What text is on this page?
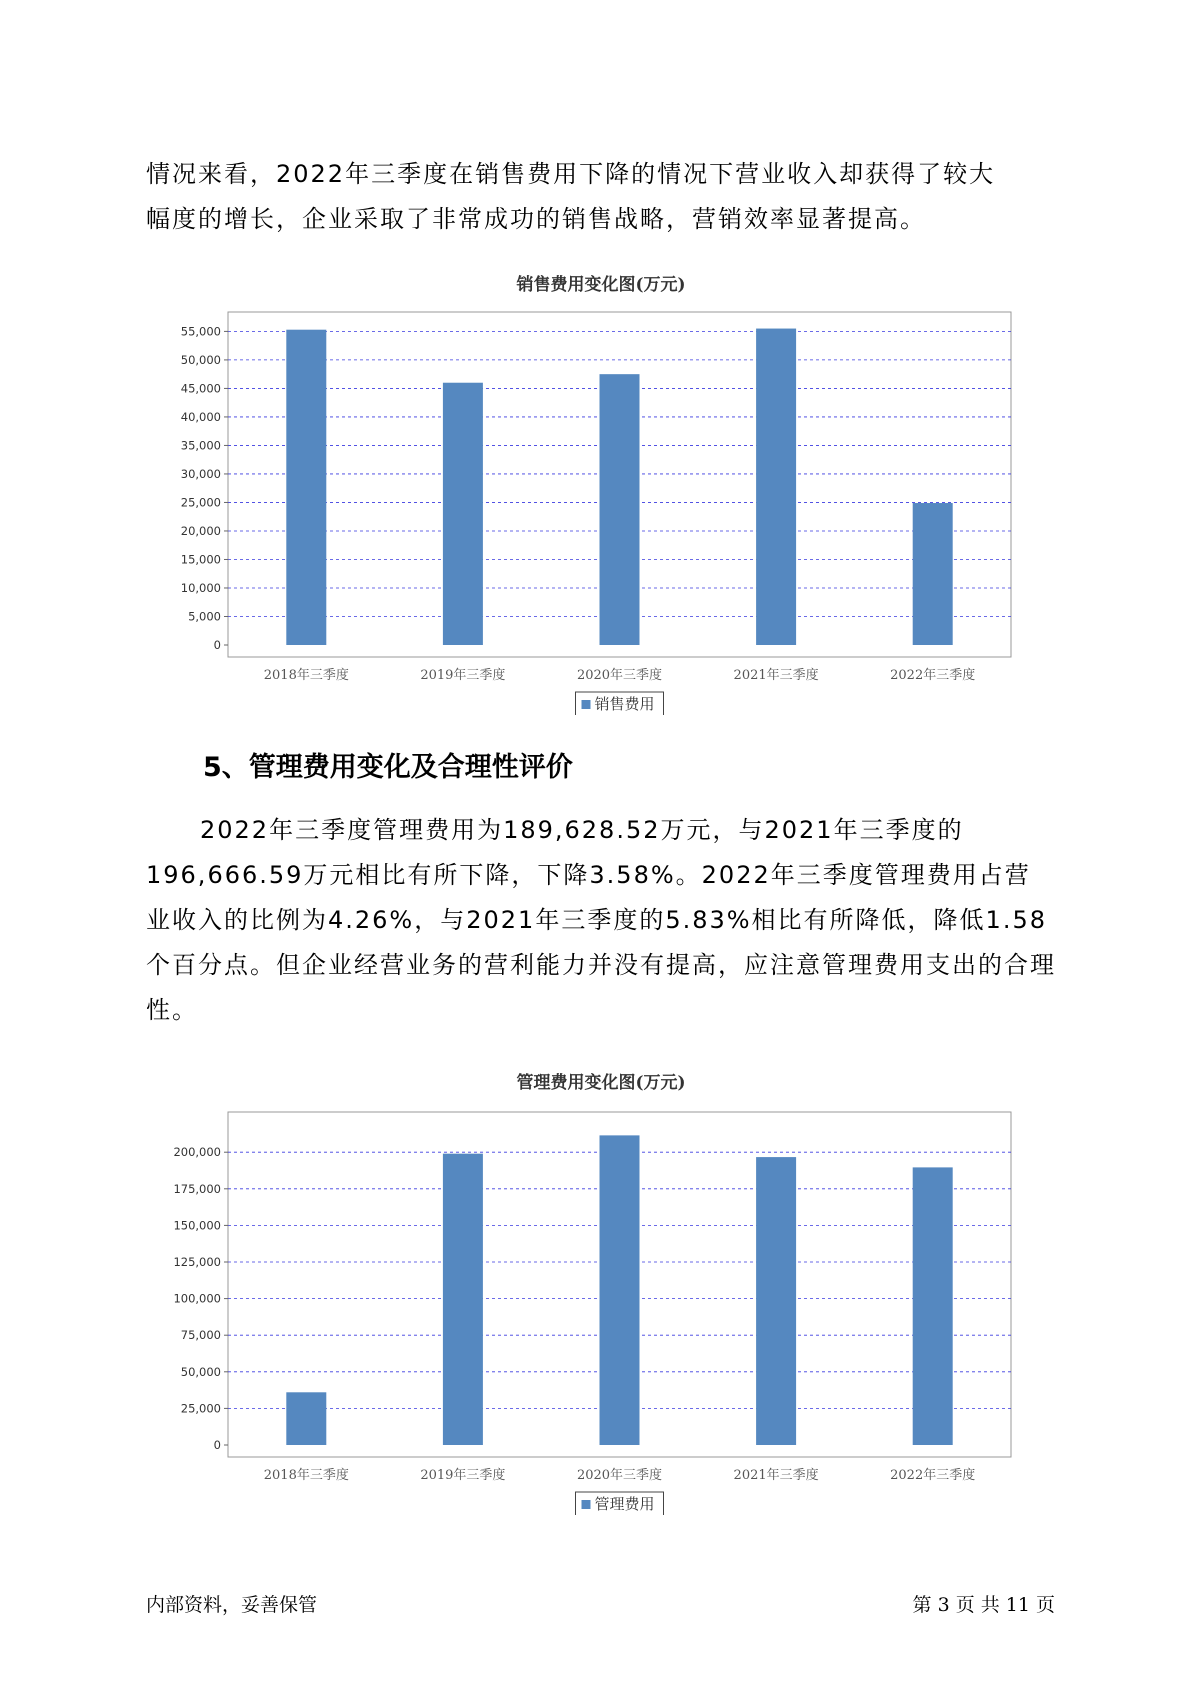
情况来看，2022年三季度在销售费用下降的情况下营业收入却获得了较大

幅度的增长，企业采取了非常成功的销售战略，营销效率显著提高。

销售费用变化图(万元)
0
5,000
10,000
15,000
20,000
25,000
30,000
35,000
40,000
45,000
50,000
55,000
2018年三季度	2019年三季度	2020年三季度	2021年三季度	2022年三季度
销售费用
5、管理费用变化及合理性评价

2022年三季度管理费用为189,628.52万元，与2021年三季度的196,666.59万元相比有所下降，下降3.58%。2022年三季度管理费用占营业收入的比例为4.26%，与2021年三季度的5.83%相比有所降低，降低1.58个百分点。但企业经营业务的营利能力并没有提高，应注意管理费用支出的合理性。

管理费用变化图(万元)
0
25,000
50,000
75,000
100,000
125,000
150,000
175,000
200,000
2018年三季度	2019年三季度	2020年三季度	2021年三季度	2022年三季度
管理费用
内部资料，妥善保管	第 3 页 共 11 页
